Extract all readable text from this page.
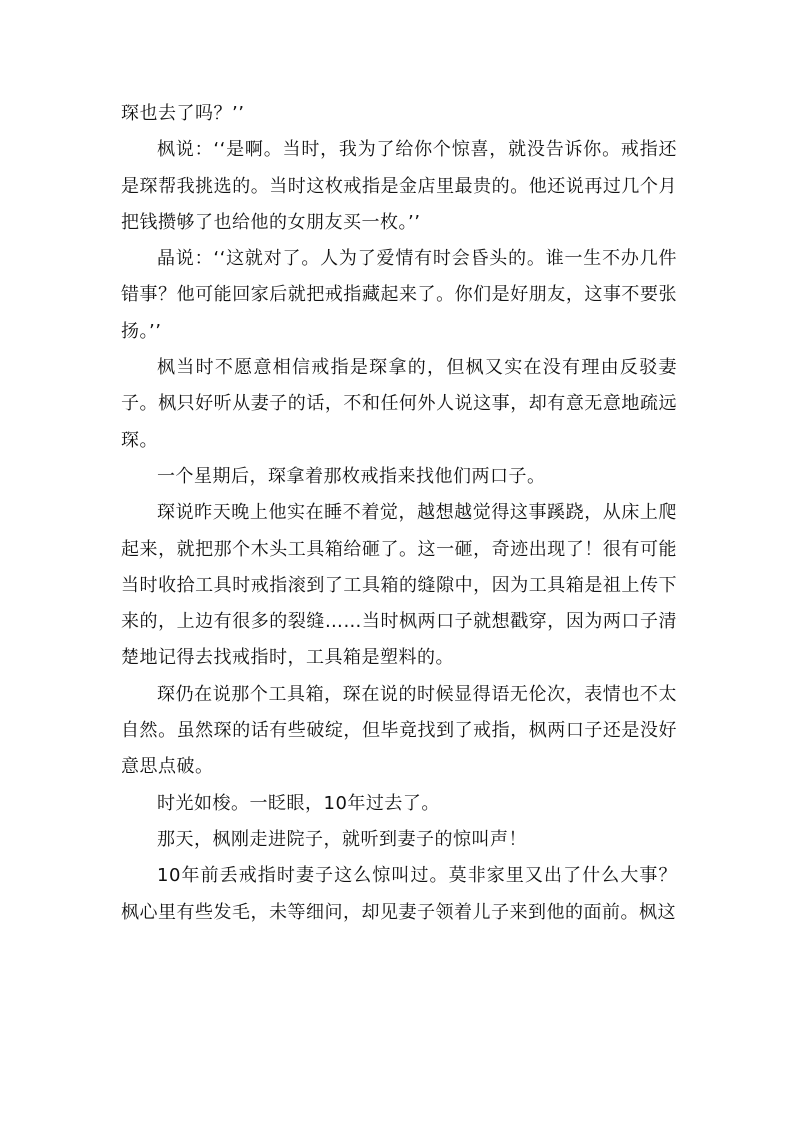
琛也去了吗？’’

枫说：‘‘是啊。当时，我为了给你个惊喜，就没告诉你。戒指还是琛帮我挑选的。当时这枚戒指是金店里最贵的。他还说再过几个月把钱攒够了也给他的女朋友买一枚。’’

晶说：‘‘这就对了。人为了爱情有时会昏头的。谁一生不办几件错事？他可能回家后就把戒指藏起来了。你们是好朋友，这事不要张扬。’’

枫当时不愿意相信戒指是琛拿的，但枫又实在没有理由反驳妻子。枫只好听从妻子的话，不和任何外人说这事，却有意无意地疏远琛。

一个星期后，琛拿着那枚戒指来找他们两口子。

琛说昨天晚上他实在睡不着觉，越想越觉得这事蹊跷，从床上爬起来，就把那个木头工具箱给砸了。这一砸，奇迹出现了！很有可能当时收拾工具时戒指滚到了工具箱的缝隙中，因为工具箱是祖上传下来的，上边有很多的裂缝……当时枫两口子就想戳穿，因为两口子清楚地记得去找戒指时，工具箱是塑料的。

琛仍在说那个工具箱，琛在说的时候显得语无伦次，表情也不太自然。虽然琛的话有些破绽，但毕竟找到了戒指，枫两口子还是没好意思点破。

时光如梭。一眨眼，10年过去了。

那天，枫刚走进院子，就听到妻子的惊叫声！

10年前丢戒指时妻子这么惊叫过。莫非家里又出了什么大事？枫心里有些发毛，未等细问，却见妻子领着儿子来到他的面前。枫这
